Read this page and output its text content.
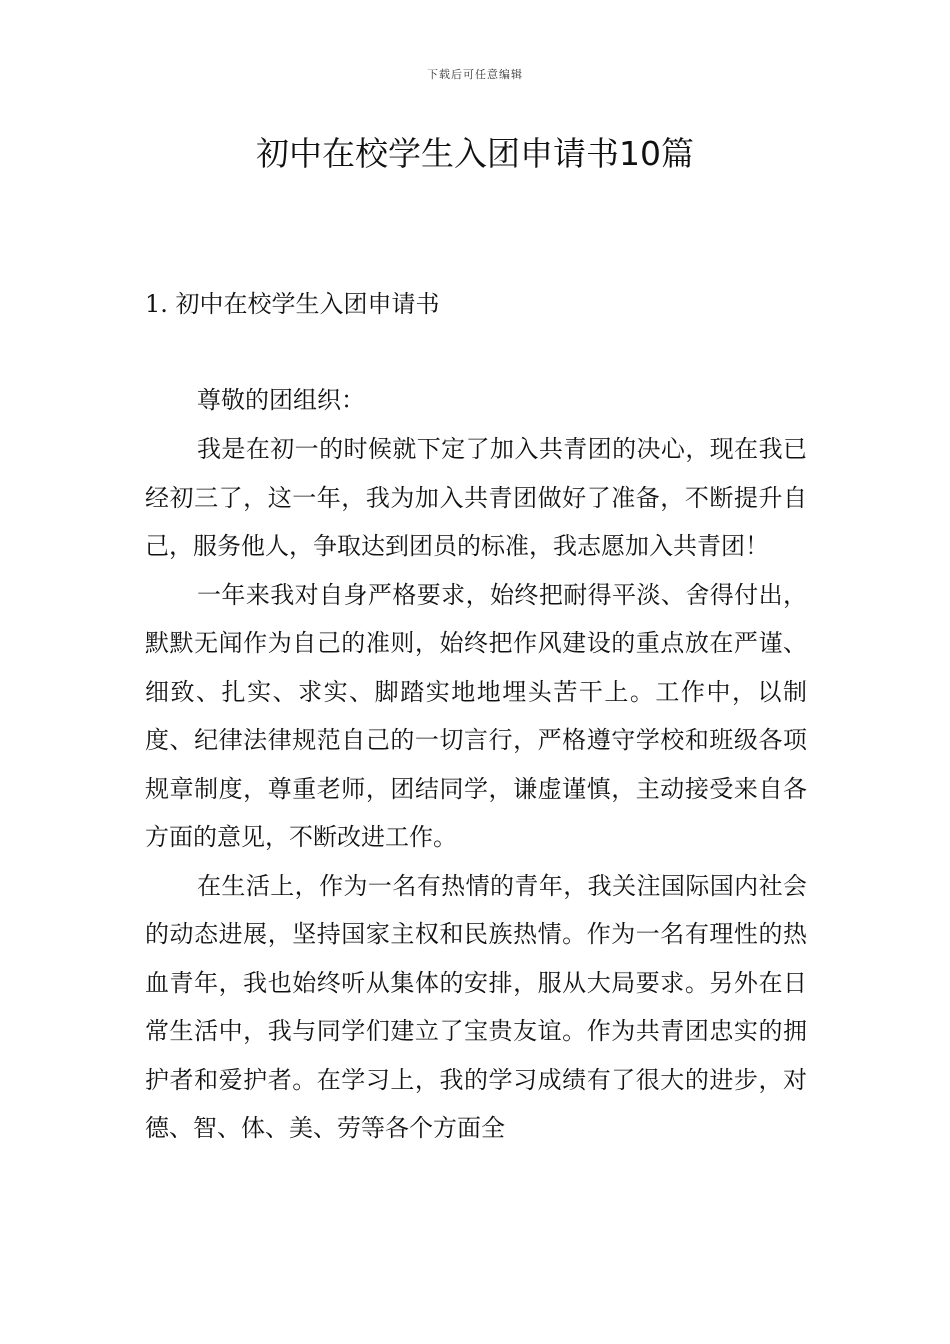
下载后可任意编辑
初中在校学生入团申请书10篇
1. 初中在校学生入团申请书

尊敬的团组织：

我是在初一的时候就下定了加入共青团的决心，现在我已经初三了，这一年，我为加入共青团做好了准备，不断提升自己，服务他人，争取达到团员的标准，我志愿加入共青团！

一年来我对自身严格要求，始终把耐得平淡、舍得付出，默默无闻作为自己的准则，始终把作风建设的重点放在严谨、细致、扎实、求实、脚踏实地地埋头苦干上。工作中，以制度、纪律法律规范自己的一切言行，严格遵守学校和班级各项规章制度，尊重老师，团结同学，谦虚谨慎，主动接受来自各方面的意见，不断改进工作。

在生活上，作为一名有热情的青年，我关注国际国内社会的动态进展，坚持国家主权和民族热情。作为一名有理性的热血青年，我也始终听从集体的安排，服从大局要求。另外在日常生活中，我与同学们建立了宝贵友谊。作为共青团忠实的拥护者和爱护者。在学习上，我的学习成绩有了很大的进步，对德、智、体、美、劳等各个方面全
